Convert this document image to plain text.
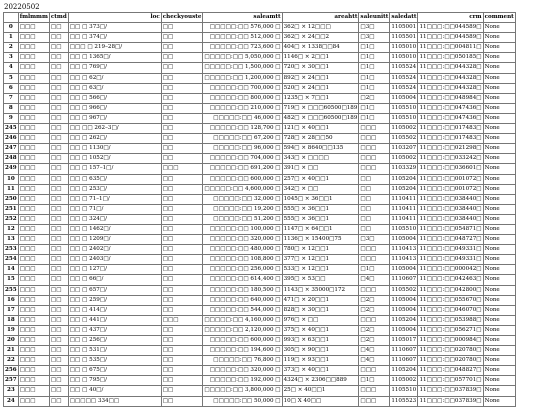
20220502
	fmlmmm	ctmd	loc	checkyouste	saleamtt	areahtt	saleunitt	saledatt	crm	comment
0	□□□	□□	□□ □ 373□/	□□	□□□□□:□□ 576,000 □	362□ × 12□□□	□3□	1105001	11□□□:□□044589□	None
1	□□□	□□	□□ □ 374□/	□□	□□□□□:□□ 512,000 □	362□ × 24□□2	□3□	1105501	11□□□:□□044589□	None
2	□□□	□□	□□□ □ 219–28□/	□□	□□□□□:□□ 723,600 □	404□ × 1338□□84	□1□	1105010	11□□□:□□004811□	None
3	□□□	□□	□□ □ 1365□/	□□	□□□□□:□□ 5,050,000 □	1146□ × 2□□1	□1□	1105010	11□□□:□□050185□	None
4	□□□	□□	□□ □ 769□/	□□	□□□□□:□□ 1,500,000 □	720□ × 30□□1	□1□	1105524	11□□□:□□044328□	None
5	□□□	□□	□□ □ 62□/	□□	□□□□□:□□ 1,200,000 □	892□ × 24□□1	□1□	1105524	11□□□:□□044328□	None
6	□□□	□□	□□ □ 63□/	□□	□□□□□:□□ 700,000 □	520□ × 24□□1	□1□	1105524	11□□□:□□044328□	None
7	□□□	□□	□□ □ 566□/	□□	□□□□□:□□ 800,000 □	1235□ × 7□□1	□2□	1105004	11□□□:□□048984□	None
8	□□□	□□	□□ □ 966□/	□□	□□□□□:□□ 210,000 □	719□ × □□□60500□189	□1□	1105510	11□□□:□□047436□	None
9	□□□	□□	□□ □ 967□/	□□	□□□□□:□□ 46,000 □	482□ × □□□60500□189	□1□	1105510	11□□□:□□047436□	None
245	□□□	□□	□□ □□ 262–3□/	□□	□□□□□:□□ 128,700 □	121□ × 40□□1	□□□	1105002	11□□□:□□017483□	None
246	□□□	□□	□□ □ 262□/	□□	□□□□□:□□ 67,200 □	728□ × 28□□50	□□□	1105502	11□□□:□□017483□	None
247	□□□	□□	□□ □ 1130□/	□□	□□□□□:□□ 96,000 □	594□ × 8640□□135	□□□	1103207	11□□□:□□021298□	None
248	□□□	□□	□□ □ 1052□/	□□	□□□□□:□□ 704,000 □	343□ × □□□□	□□□	1105002	11□□□:□□033242□	None
249	□□□	□□	□□ □ 157–1□/	□□□	□□□□□:□□ 691,200 □	391□ × □□	□□□	1103329	11□□□:□□036601□	None
10	□□□	□□	□□ □ 635□/	□□	□□□□□:□□ 600,000 □	257□ × 40□□1	□□	1105204	11□□□:□□001072□	None
11	□□□	□□	□□ □ 253□/	□□	□□□□□:□□ 4,600,000 □	342□ × □□	□□	1105204	11□□□:□□001072□	None
250	□□□	□□	□□ □ 71–1□/	□□	□□□□□:□□ 32,000 □	1045□ × 36□□1	□□	1110411	11□□□:□□038440□	None
251	□□□	□□	□□ □ 71□/	□□	□□□□□:□□ 19,200 □	555□ × 36□□1	□□	1110411	11□□□:□□038440□	None
252	□□□	□□	□□ □ 324□/	□□	□□□□□:□□ 51,200 □	555□ × 36□□1	□□	1110411	11□□□:□□038440□	None
12	□□□	□□	□□ □ 1462□/	□□	□□□□□:□□ 100,000 □	1147□ × 64□□1	□□	1105510	11□□□:□□054871□	None
13	□□□	□□	□□ □ 1209□/	□□	□□□□□:□□ 320,000 □	1136□ × 15400□75	□3□	1105004	11□□□:□□048727□	None
253	□□□	□□	□□ □ 2402□/	□□	□□□□□:□□ 480,000 □	780□ × 12□□1	□□□	1110413	11□□□:□□049331□	None
254	□□□	□□	□□ □ 2403□/	□□	□□□□□:□□ 108,800 □	377□ × 12□□1	□□□	1110413	11□□□:□□049331□	None
14	□□□	□□	□□ □ 127□/	□□	□□□□□:□□ 256,000 □	533□ × 12□□1	□1□	1105004	11□□□:□□000042□	None
15	□□□	□□	□□ □ 66□/	□□	□□□□□:□□ 614,400 □	395□ × 53□□	□4□	1110607	11□□□:□□042463□	None
255	□□□	□□	□□ □ 657□/	□□	□□□□□:□□ 180,500 □	1143□ × 35000□172	□□□	1105502	11□□□:□□042800□	None
16	□□□	□□	□□ □ 259□/	□□	□□□□□:□□ 640,000 □	471□ × 20□□1	□2□	1105004	11□□□:□□055670□	None
17	□□□	□□	□□ □ 414□/	□□	□□□□□:□□ 544,000 □	828□ × 30□□1	□2□	1105004	11□□□:□□046070□	None
18	□□□	□□	□□ □ 441□/	□□□	□□□□□:□□ 4,160,000 □	976□ × □□	□□□	1105204	11□□□:□□053988□	None
19	□□□	□□	□□ □ 437□/	□□	□□□□□:□□ 2,120,000 □	375□ × 40□□1	□2□	1105004	11□□□:□□056271□	None
20	□□□	□□	□□ □ 256□/	□□	□□□□□:□□ 600,000 □	993□ × 63□□1	□2□	1105017	11□□□:□□000984□	None
21	□□□	□□	□□ □ 531□/	□□	□□□□□:□□ 194,600 □	305□ × 90□□1	□4□	1110607	11□□□:□□020780□	None
22	□□□	□□	□□ □ 535□/	□□	□□□□□:□□ 76,800 □	119□ × 93□□1	□4□	1110607	11□□□:□□020780□	None
256	□□□	□□	□□ □ 675□/	□□	□□□□□:□□ 320,000 □	373□ × 40□□1	□□□	1105204	11□□□:□□048827□	None
257	□□□	□□	□□ □ 795□/	□□	□□□□□:□□ 192,000 □	4324□ × 2306□□889	□1□	1105002	11□□□:□□057701□	None
23	□□□	□□	□□ □ 40□/	□□	□□□□□:□□ 3,800,000 □	25□ × 40□□1	□□□	1105510	11□□□:□□037839□	None
24	□□□	□□	□□□□□ 334□□	□□	□□□□□:□□ 50,000 □	10□ X 40□□	□□□	1105523	11□□□:□□037839□	None
